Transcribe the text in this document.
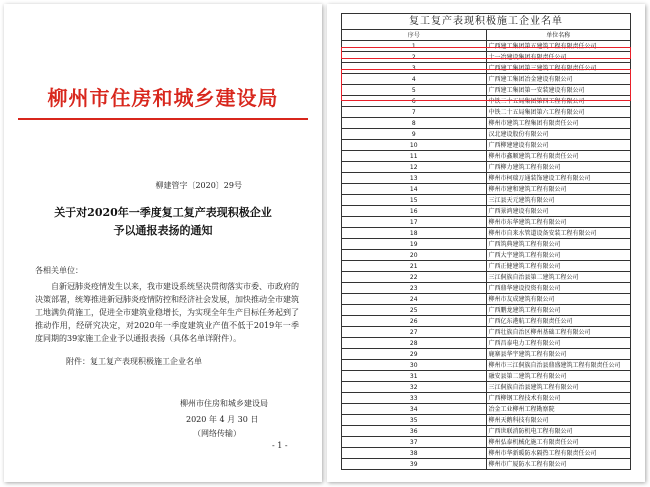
柳州市住房和城乡建设局
柳建管字〔2020〕29号
关于对2020年一季度复工复产表现积极企业
予以通报表扬的通知
各相关单位：

自新冠肺炎疫情发生以来，我市建设系统坚决贯彻落实市委、市政府的决策部署，统筹推进新冠肺炎疫情防控和经济社会发展，加快推动全市建筑工地满负荷施工，促进全市建筑业稳增长，为实现全年生产目标任务起到了推动作用，经研究决定，对2020年一季度建筑业产值不低于2019年一季度同期的39家施工企业予以通报表扬（具体名单详附件）。

附件：复工复产表现积极施工企业名单
柳州市住房和城乡建设局
2020 年 4 月 30 日
（网络传输）
- 1 -
复工复产表现积极施工企业名单	
序号	单位名称
1	广西建工集团第五建筑工程有限责任公司
2	十一冶建设集团有限责任公司
3	广西建工集团第三建筑工程有限责任公司
4	广西建工集团冶金建设有限公司
5	广西建工集团第一安装建设有限公司
6	中铁二十五局集团第四工程有限公司
7	中铁二十五局集团第六工程有限公司
8	柳州市建筑工程集团有限责任公司
9	汉北建设股份有限公司
10	广西柳建建设有限公司
11	柳州市鑫顺建筑工程有限责任公司
12	广西柳力建筑工程有限公司
13	柳州市柯瑞万通装饰建设工程有限公司
14	柳州市建和建筑工程有限公司
15	三江县天元建筑有限公司
16	广西景鸿建设有限公司
17	柳州市东华建筑工程有限公司
18	柳州市自来水管道设备安装工程有限公司
19	广西筑典建筑工程有限公司
20	广西大宇建筑工程有限公司
21	广西正健建筑工程有限公司
22	三江侗族自治县第二建筑工程公司
23	广西鼎华建设投资有限公司
24	柳州市友成建筑有限公司
25	广西鹏龙建筑工程有限公司
26	广西亿东港航工程有限责任公司
27	广西壮族自治区柳州基础工程有限公司
28	广西昌泰电力工程有限公司
29	鹿寨县华宇建筑工程有限公司
30	柳州市三江侗族自治县鼎盛建筑工程有限责任公司
31	融安县第二建筑工程有限公司
32	三江侗族自治县建筑工程有限公司
33	广西柳钢工程技术有限公司
34	冶金工业柳州工程勘察院
35	柳州天鹅科技有限公司
36	广西世联消防机电工程有限公司
37	柳州弘泰机械化施工有限责任公司
38	柳州市华新暖防水隔热工程有限责任公司
39	柳州市广厦防水工程有限公司
